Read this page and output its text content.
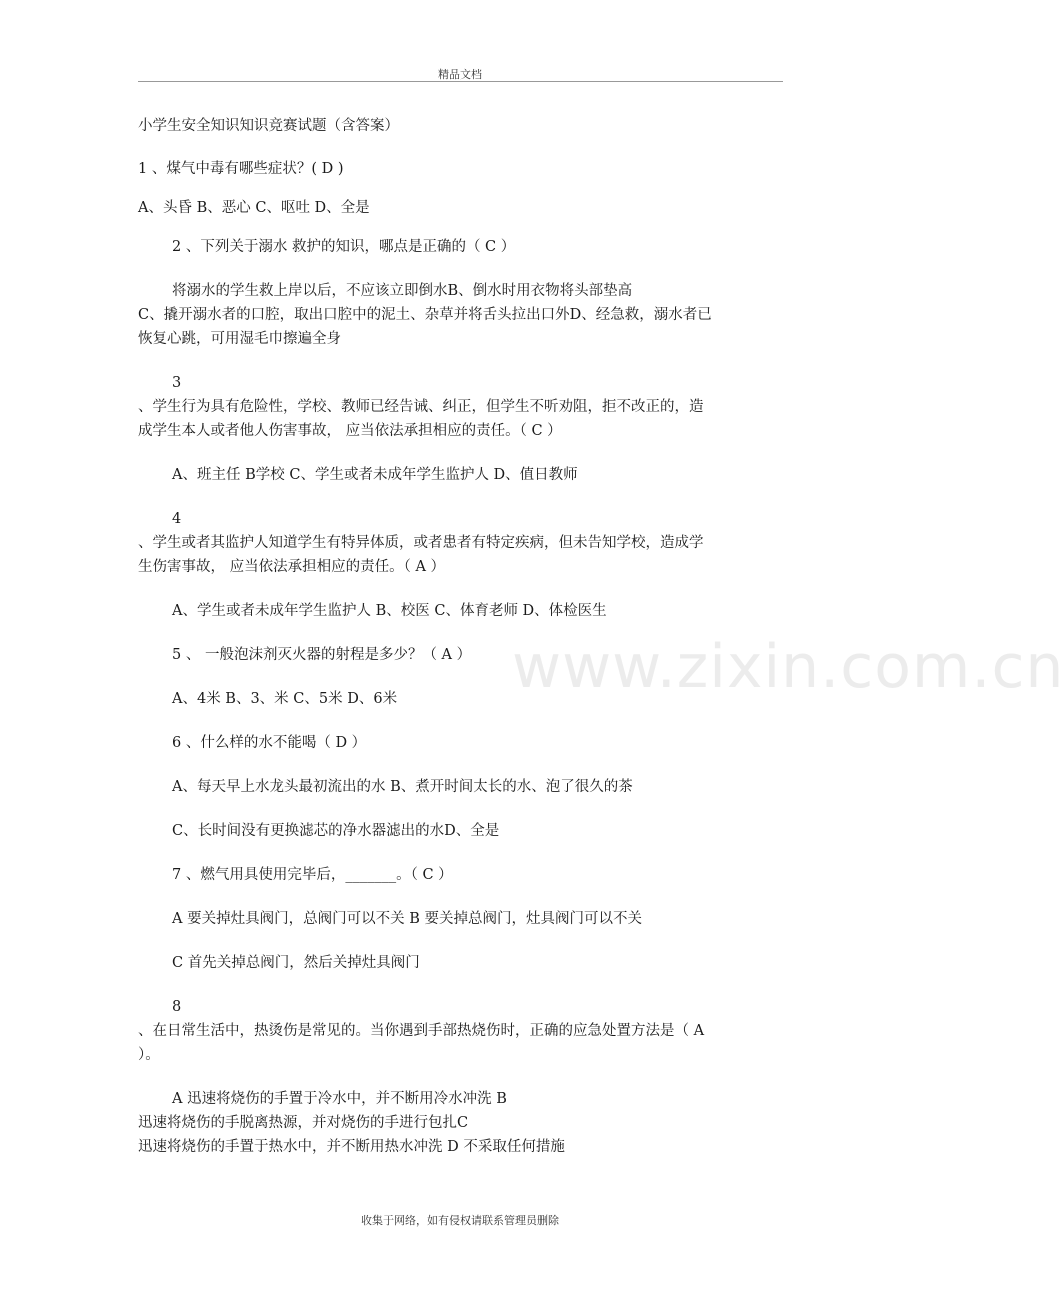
精品文档
www.zixin.com.cn
小学生安全知识知识竞赛试题（含答案）
1 、煤气中毒有哪些症状？( D )
A、头昏 B、恶心 C、呕吐 D、全是
2 、下列关于溺水 救护的知识，哪点是正确的（ C ）
将溺水的学生救上岸以后，不应该立即倒水B、倒水时用衣物将头部垫高
C、撬开溺水者的口腔，取出口腔中的泥土、杂草并将舌头拉出口外D、经急救，溺水者已
恢复心跳，可用湿毛巾擦遍全身
3
、学生行为具有危险性，学校、教师已经告诫、纠正，但学生不听劝阻，拒不改正的，造
成学生本人或者他人伤害事故， 应当依法承担相应的责任。（ C ）
A、班主任 B学校 C、学生或者未成年学生监护人 D、值日教师
4
、学生或者其监护人知道学生有特异体质，或者患者有特定疾病，但未告知学校，造成学
生伤害事故， 应当依法承担相应的责任。（ A ）
A、学生或者未成年学生监护人 B、校医 C、体育老师 D、体检医生
5 、 一般泡沫剂灭火器的射程是多少？（ A ）
A、4米 B、3、米 C、5米 D、6米
6 、什么样的水不能喝（ D ）
A、每天早上水龙头最初流出的水 B、煮开时间太长的水、泡了很久的茶
C、长时间没有更换滤芯的净水器滤出的水D、全是
7 、燃气用具使用完毕后，_______。（ C ）
A 要关掉灶具阀门，总阀门可以不关 B 要关掉总阀门，灶具阀门可以不关
C 首先关掉总阀门，然后关掉灶具阀门
8
、在日常生活中，热烫伤是常见的。当你遇到手部热烧伤时，正确的应急处置方法是（ A
）。
A 迅速将烧伤的手置于冷水中，并不断用冷水冲洗 B
迅速将烧伤的手脱离热源，并对烧伤的手进行包扎C
迅速将烧伤的手置于热水中，并不断用热水冲洗 D 不采取任何措施
收集于网络，如有侵权请联系管理员删除
